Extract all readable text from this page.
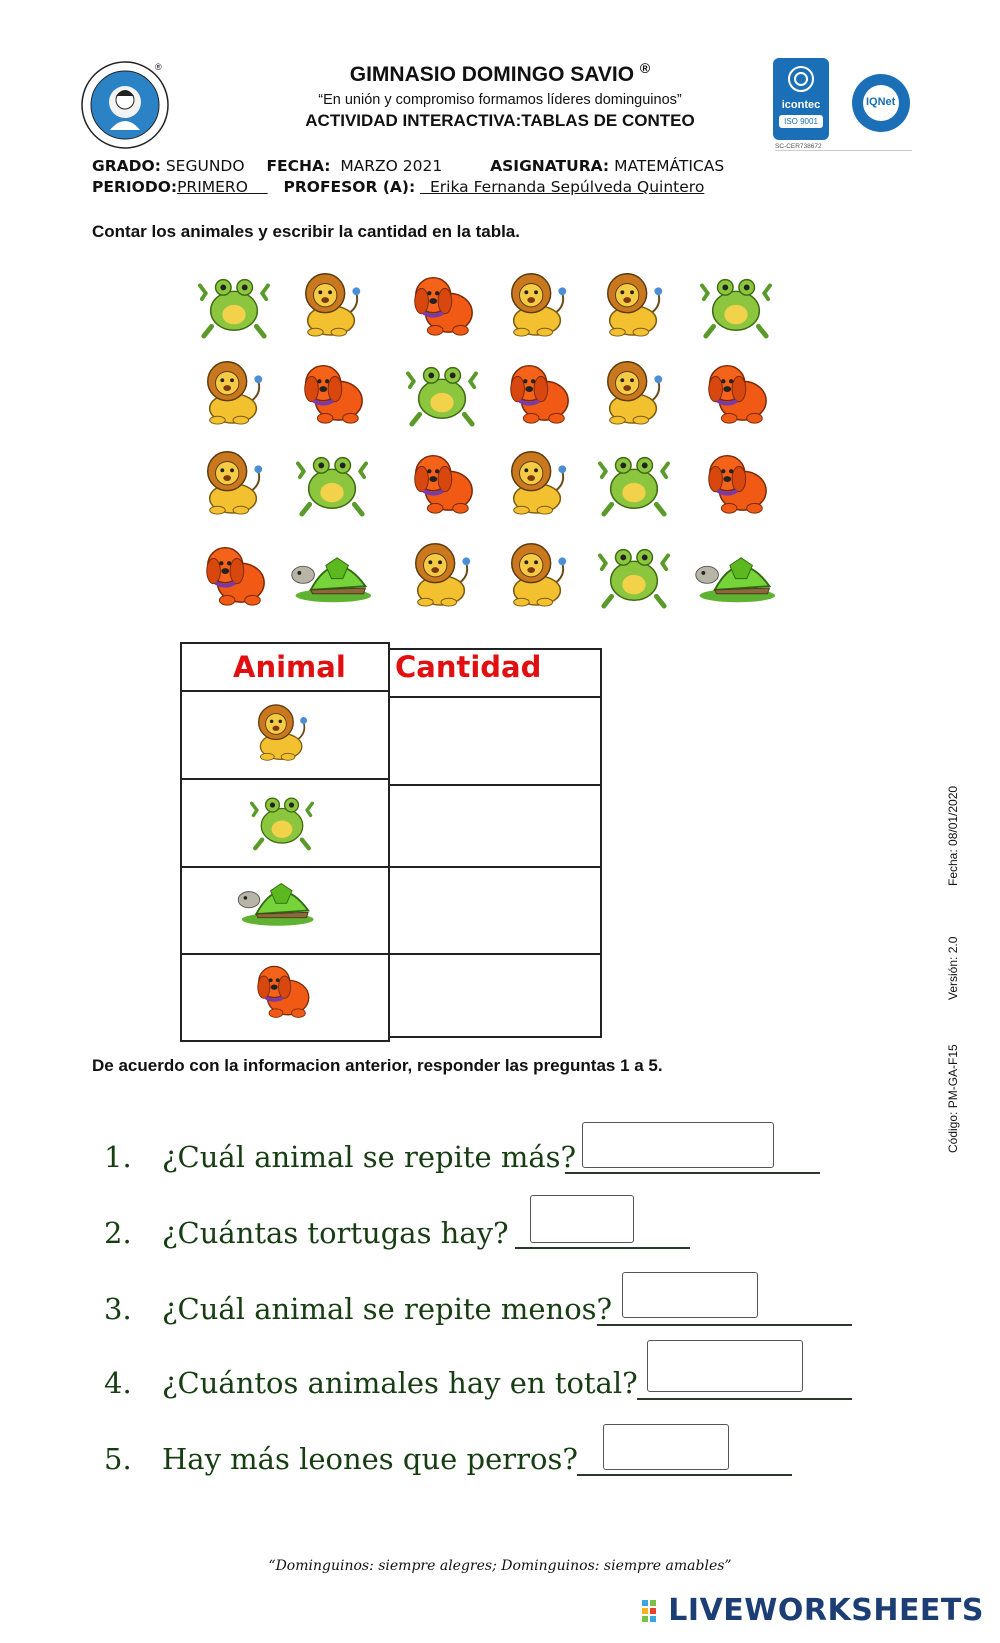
®	GIMNASIO DOMINGO SAVIO ®
“En unión y compromiso formamos líderes dominguinos”
ACTIVIDAD INTERACTIVA:TABLAS DE CONTEO
icontec
ISO 9001
SC-CER738672
IQNet
GRADO: SEGUNDO FECHA: MARZO 2021	ASIGNATURA: MATEMÁTICAS
PERIODO:PRIMERO PROFESOR (A): Erika Fernanda Sepúlveda Quintero
Contar los animales y escribir la cantidad en la tabla.
Animal Cantidad
De acuerdo con la informacion anterior, responder las preguntas 1 a 5.
1. ¿Cuál animal se repite más?
2. ¿Cuántas tortugas hay?
3. ¿Cuál animal se repite menos?
4. ¿Cuántos animales hay en total?
5. Hay más leones que perros?
Fecha: 08/01/2020
Versión: 2.0
Código: PM-GA-F15
“Dominguinos: siempre alegres; Dominguinos: siempre amables”
LIVEWORKSHEETS
